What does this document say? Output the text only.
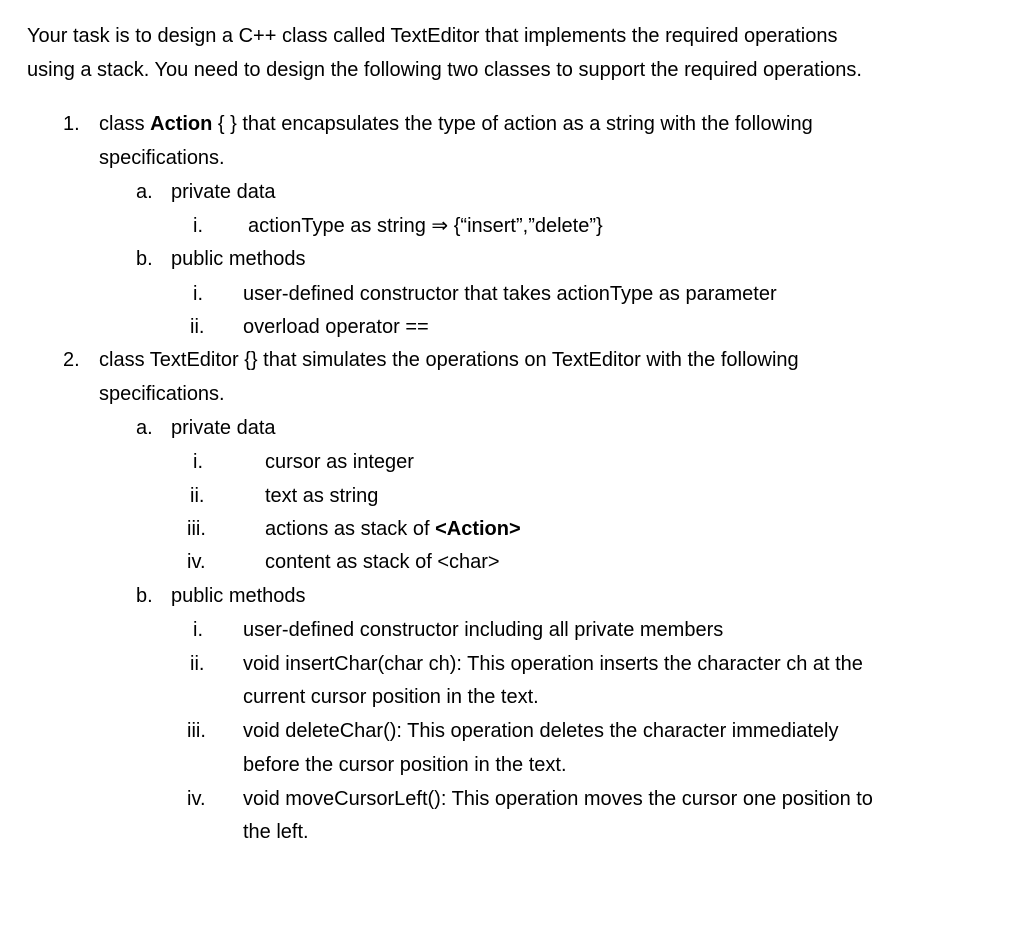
Your task is to design a C++ class called TextEditor that implements the required operations
using a stack. You need to design the following two classes to support the required operations.
1. class Action { } that encapsulates the type of action as a string with the following
specifications.
a. private data
i. actionType as string ⇒ {“insert”,”delete”}
b. public methods
i. user-defined constructor that takes actionType as parameter
ii. overload operator ==
2. class TextEditor {} that simulates the operations on TextEditor with the following
specifications.
a. private data
i.	cursor as integer
ii.	text as string
iii.	actions as stack of <Action>
iv.	content as stack of <char>
b. public methods
i. user-defined constructor including all private members
ii. void insertChar(char ch): This operation inserts the character ch at the
current cursor position in the text.
iii. void deleteChar(): This operation deletes the character immediately
before the cursor position in the text.
iv. void moveCursorLeft(): This operation moves the cursor one position to
the left.
